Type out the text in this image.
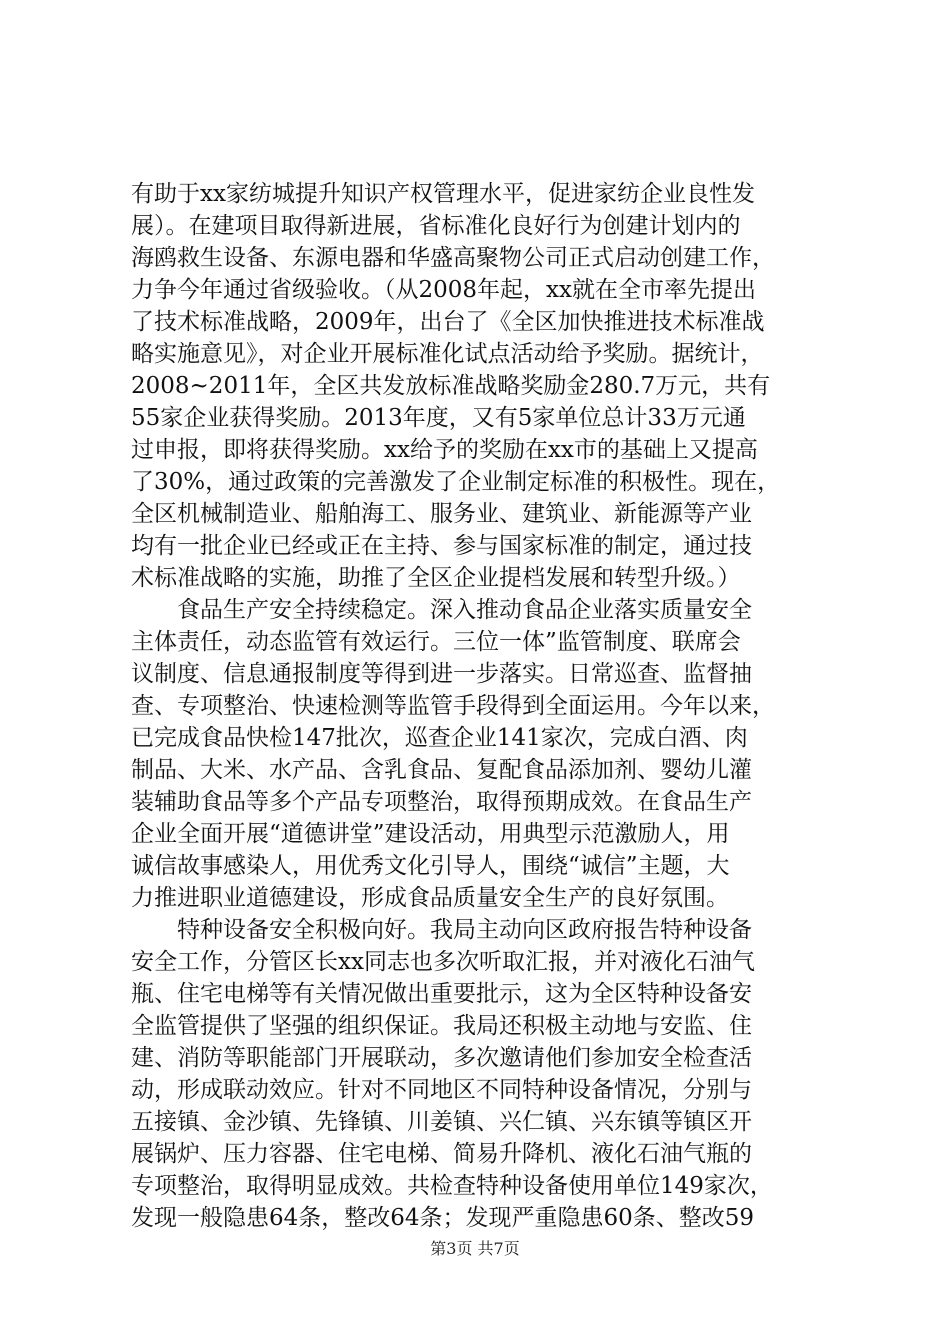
有助于xx家纺城提升知识产权管理水平，促进家纺企业良性发
展）。在建项目取得新进展，省标准化良好行为创建计划内的
海鸥救生设备、东源电器和华盛高聚物公司正式启动创建工作，
力争今年通过省级验收。（从2008年起，xx就在全市率先提出
了技术标准战略，2009年，出台了《全区加快推进技术标准战
略实施意见》，对企业开展标准化试点活动给予奖励。据统计，
2008~2011年，全区共发放标准战略奖励金280.7万元，共有
55家企业获得奖励。2013年度，又有5家单位总计33万元通
过申报，即将获得奖励。xx给予的奖励在xx市的基础上又提高
了30%，通过政策的完善激发了企业制定标准的积极性。现在，
全区机械制造业、船舶海工、服务业、建筑业、新能源等产业
均有一批企业已经或正在主持、参与国家标准的制定，通过技
术标准战略的实施，助推了全区企业提档发展和转型升级。）
食品生产安全持续稳定。深入推动食品企业落实质量安全
主体责任，动态监管有效运行。三位一体”监管制度、联席会
议制度、信息通报制度等得到进一步落实。日常巡查、监督抽
查、专项整治、快速检测等监管手段得到全面运用。今年以来，
已完成食品快检147批次，巡查企业141家次，完成白酒、肉
制品、大米、水产品、含乳食品、复配食品添加剂、婴幼儿灌
装辅助食品等多个产品专项整治，取得预期成效。在食品生产
企业全面开展“道德讲堂”建设活动，用典型示范激励人，用
诚信故事感染人，用优秀文化引导人，围绕“诚信”主题，大
力推进职业道德建设，形成食品质量安全生产的良好氛围。
特种设备安全积极向好。我局主动向区政府报告特种设备
安全工作，分管区长xx同志也多次听取汇报，并对液化石油气
瓶、住宅电梯等有关情况做出重要批示，这为全区特种设备安
全监管提供了坚强的组织保证。我局还积极主动地与安监、住
建、消防等职能部门开展联动，多次邀请他们参加安全检查活
动，形成联动效应。针对不同地区不同特种设备情况，分别与
五接镇、金沙镇、先锋镇、川姜镇、兴仁镇、兴东镇等镇区开
展锅炉、压力容器、住宅电梯、简易升降机、液化石油气瓶的
专项整治，取得明显成效。共检查特种设备使用单位149家次，
发现一般隐患64条，整改64条；发现严重隐患60条、整改59
第3页 共7页
